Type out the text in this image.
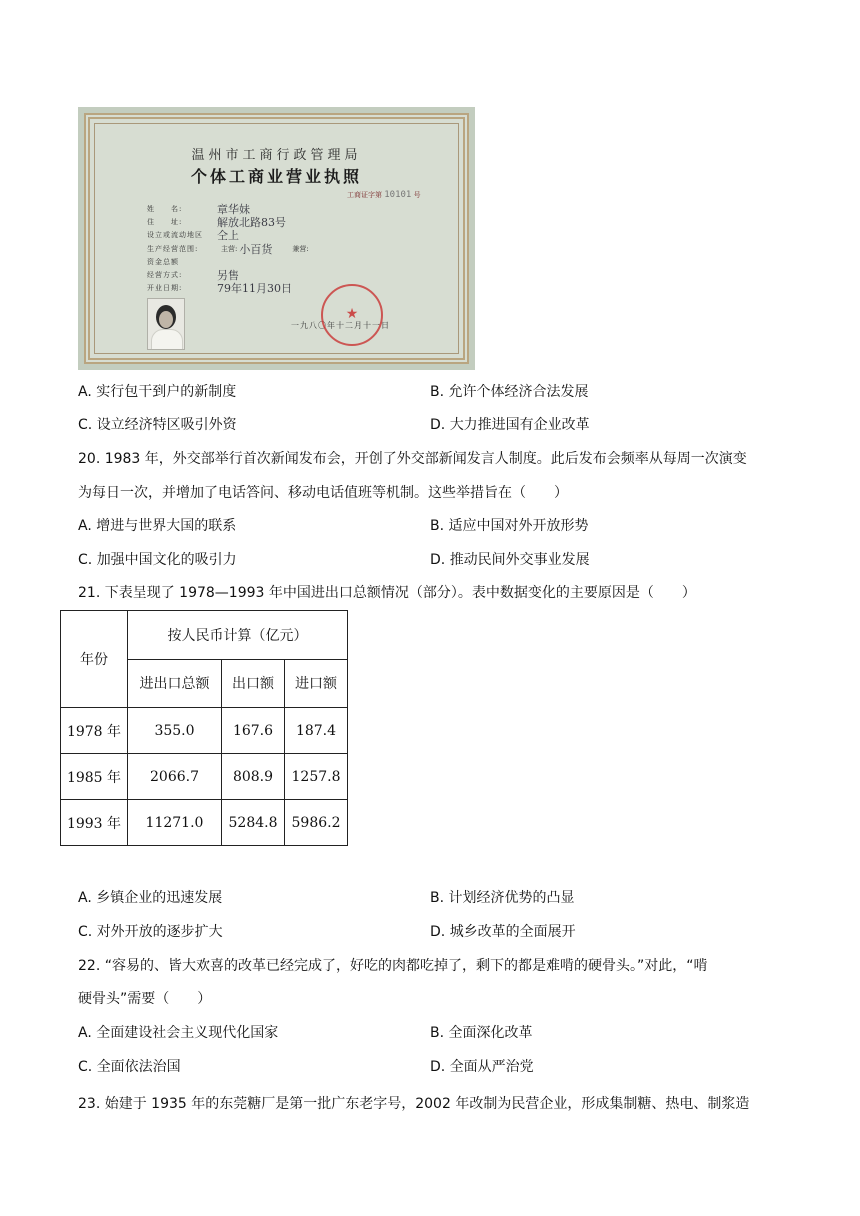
温州市工商行政管理局
个体工商业营业执照
工商证字第 10101 号
姓　　名:	章华妹
住　　址:	解放北路83号
设立或流动地区	仝上
生产经营范围:	主营: 小百货	兼营:
资金总额
经营方式:	另售
开业日期:	79年11月30日
一九八〇年十二月十一日
★
A. 实行包干到户的新制度	B. 允许个体经济合法发展
C. 设立经济特区吸引外资	D. 大力推进国有企业改革
20. 1983 年，外交部举行首次新闻发布会，开创了外交部新闻发言人制度。此后发布会频率从每周一次演变
为每日一次，并增加了电话答问、移动电话值班等机制。这些举措旨在（　　）
A. 增进与世界大国的联系	B. 适应中国对外开放形势
C. 加强中国文化的吸引力	D. 推动民间外交事业发展
21. 下表呈现了 1978—1993 年中国进出口总额情况（部分）。表中数据变化的主要原因是（　　）
年份	按人民币计算（亿元）		
	进出口总额	出口额	进口额
1978 年	355.0	167.6	187.4
1985 年	2066.7	808.9	1257.8
1993 年	11271.0	5284.8	5986.2
A. 乡镇企业的迅速发展	B. 计划经济优势的凸显
C. 对外开放的逐步扩大	D. 城乡改革的全面展开
22. “容易的、皆大欢喜的改革已经完成了，好吃的肉都吃掉了，剩下的都是难啃的硬骨头。”对此，“啃
硬骨头”需要（　　）
A. 全面建设社会主义现代化国家	B. 全面深化改革
C. 全面依法治国	D. 全面从严治党
23. 始建于 1935 年的东莞糖厂是第一批广东老字号，2002 年改制为民营企业，形成集制糖、热电、制浆造
